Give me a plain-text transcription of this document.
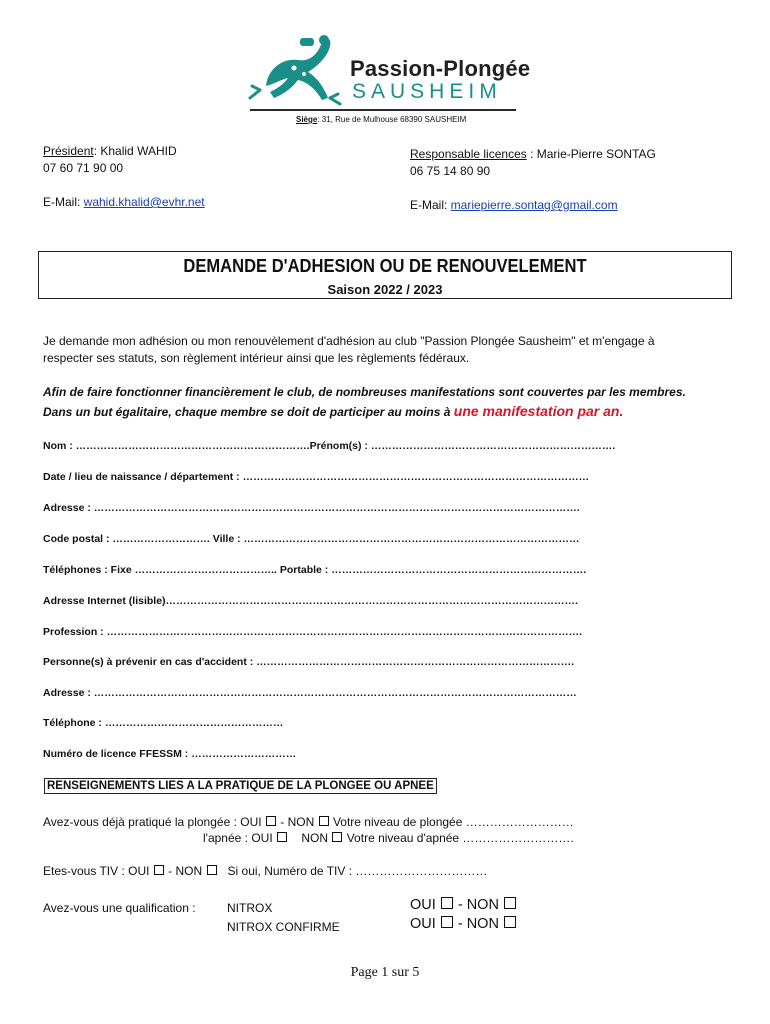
Passion-Plongée
SAUSHEIM
Siège: 31, Rue de Mulhouse 68390 SAUSHEIM
Président: Khalid WAHID
07 60 71 90 00
E-Mail: wahid.khalid@evhr.net
Responsable licences : Marie-Pierre SONTAG
06 75 14 80 90
E-Mail: mariepierre.sontag@gmail.com
DEMANDE D'ADHESION OU DE RENOUVELEMENT
Saison 2022 / 2023
Je demande mon adhésion ou mon renouvèlement d'adhésion au club "Passion Plongée Sausheim" et m'engage à
respecter ses statuts, son règlement intérieur ainsi que les règlements fédéraux.
Afin de faire fonctionner financièrement le club, de nombreuses manifestations sont couvertes par les membres.
Dans un but égalitaire, chaque membre se doit de participer au moins à une manifestation par an.
Nom : ………………………………………………………….Prénom(s) : …………………………………………………………….
Date / lieu de naissance / département : ………………………………………………………………………………………
Adresse : ………………………………………………………………………………………………………………………….
Code postal : ………………………. Ville : ……………………………………………………………………………………
Téléphones : Fixe ………………………………….. Portable : ……………………………………………………………….
Adresse Internet (lisible)……………………………………………………………………………………………………….
Profession : ……………………………………………………………………………………………………………………….
Personne(s) à prévenir en cas d'accident : ……………………………………………………………………………….
Adresse : …………………………………………………………………………………………………………………………
Téléphone : ……………………………………………
Numéro de licence FFESSM : …………………………
RENSEIGNEMENTS LIES A LA PRATIQUE DE LA PLONGEE OU APNEE
Avez-vous déjà pratiqué la plongée : OUI - NON Votre niveau de plongée ………………………
l'apnée : OUI NON Votre niveau d'apnée ……………………….
Etes-vous TIV : OUI - NON Si oui, Numéro de TIV : ……………………………
Avez-vous une qualification :	NITROX
NITROX CONFIRME
OUI - NON
OUI - NON
Page 1 sur 5
